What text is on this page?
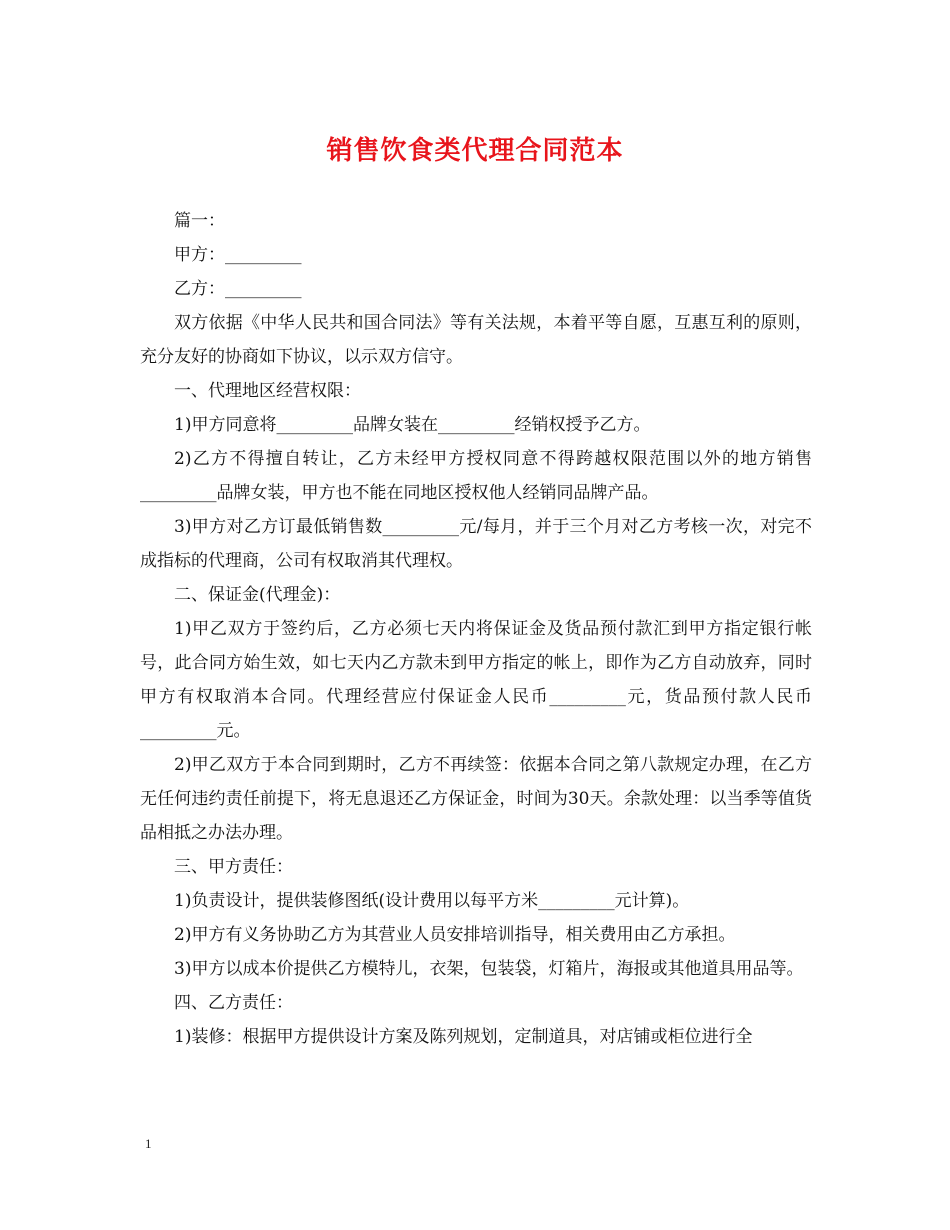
销售饮食类代理合同范本

篇一：

甲方：_________

乙方：_________

双方依据《中华人民共和国合同法》等有关法规，本着平等自愿，互惠互利的原则，充分友好的协商如下协议，以示双方信守。

一、代理地区经营权限：

1)甲方同意将_________品牌女装在_________经销权授予乙方。

2)乙方不得擅自转让，乙方未经甲方授权同意不得跨越权限范围以外的地方销售_________品牌女装，甲方也不能在同地区授权他人经销同品牌产品。

3)甲方对乙方订最低销售数_________元/每月，并于三个月对乙方考核一次，对完不成指标的代理商，公司有权取消其代理权。

二、保证金(代理金)：

1)甲乙双方于签约后，乙方必须七天内将保证金及货品预付款汇到甲方指定银行帐号，此合同方始生效，如七天内乙方款未到甲方指定的帐上，即作为乙方自动放弃，同时甲方有权取消本合同。代理经营应付保证金人民币_________元，货品预付款人民币_________元。

2)甲乙双方于本合同到期时，乙方不再续签：依据本合同之第八款规定办理，在乙方无任何违约责任前提下，将无息退还乙方保证金，时间为30天。余款处理：以当季等值货品相抵之办法办理。

三、甲方责任：

1)负责设计，提供装修图纸(设计费用以每平方米_________元计算)。

2)甲方有义务协助乙方为其营业人员安排培训指导，相关费用由乙方承担。

3)甲方以成本价提供乙方模特儿，衣架，包装袋，灯箱片，海报或其他道具用品等。

四、乙方责任：

1)装修：根据甲方提供设计方案及陈列规划，定制道具，对店铺或柜位进行全

1
